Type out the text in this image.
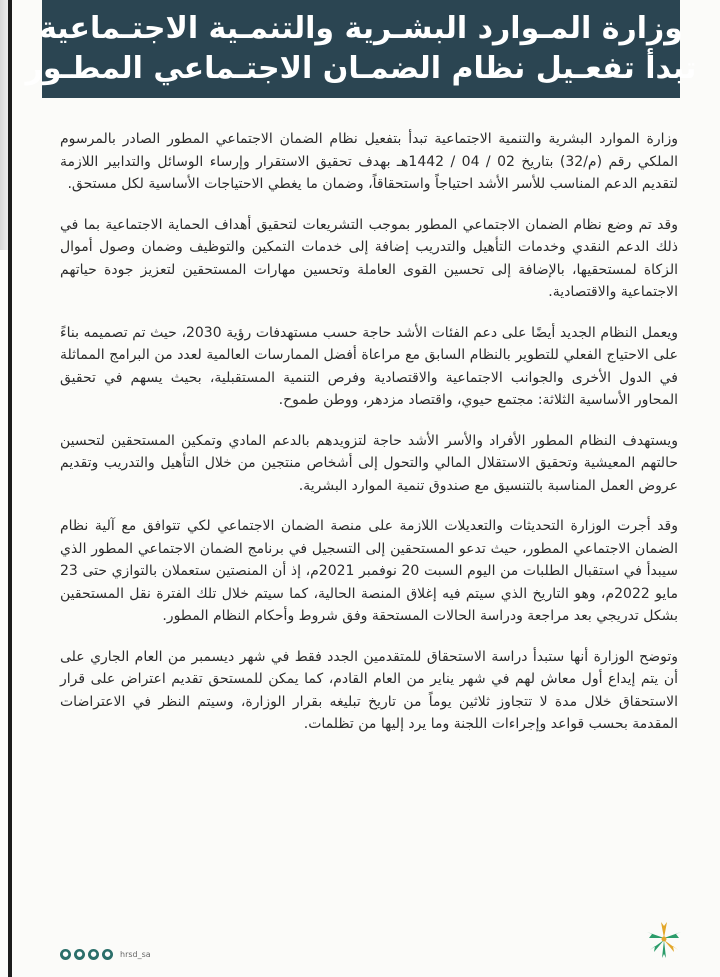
وزارة المـوارد البشـرية والتنمـية الاجتـماعية
تبدأ تفعـيل نظام الضمـان الاجتـماعي المطـور

وزارة الموارد البشرية والتنمية الاجتماعية تبدأ بتفعيل نظام الضمان الاجتماعي المطور الصادر بالمرسوم الملكي رقم (م/32) بتاريخ 02 / 04 / 1442هـ بهدف تحقيق الاستقرار وإرساء الوسائل والتدابير اللازمة لتقديم الدعم المناسب للأسر الأشد احتياجاً واستحقاقاً، وضمان ما يغطي الاحتياجات الأساسية لكل مستحق.

وقد تم وضع نظام الضمان الاجتماعي المطور بموجب التشريعات لتحقيق أهداف الحماية الاجتماعية بما في ذلك الدعم النقدي وخدمات التأهيل والتدريب إضافة إلى خدمات التمكين والتوظيف وضمان وصول أموال الزكاة لمستحقيها، بالإضافة إلى تحسين القوى العاملة وتحسين مهارات المستحقين لتعزيز جودة حياتهم الاجتماعية والاقتصادية.

ويعمل النظام الجديد أيضًا على دعم الفئات الأشد حاجة حسب مستهدفات رؤية 2030، حيث تم تصميمه بناءً على الاحتياج الفعلي للتطوير بالنظام السابق مع مراعاة أفضل الممارسات العالمية لعدد من البرامج المماثلة في الدول الأخرى والجوانب الاجتماعية والاقتصادية وفرص التنمية المستقبلية، بحيث يسهم في تحقيق المحاور الأساسية الثلاثة: مجتمع حيوي، واقتصاد مزدهر، ووطن طموح.

ويستهدف النظام المطور الأفراد والأسر الأشد حاجة لتزويدهم بالدعم المادي وتمكين المستحقين لتحسين حالتهم المعيشية وتحقيق الاستقلال المالي والتحول إلى أشخاص منتجين من خلال التأهيل والتدريب وتقديم عروض العمل المناسبة بالتنسيق مع صندوق تنمية الموارد البشرية.

وقد أجرت الوزارة التحديثات والتعديلات اللازمة على منصة الضمان الاجتماعي لكي تتوافق مع آلية نظام الضمان الاجتماعي المطور، حيث تدعو المستحقين إلى التسجيل في برنامج الضمان الاجتماعي المطور الذي سيبدأ في استقبال الطلبات من اليوم السبت 20 نوفمبر 2021م، إذ أن المنصتين ستعملان بالتوازي حتى 23 مايو 2022م، وهو التاريخ الذي سيتم فيه إغلاق المنصة الحالية، كما سيتم خلال تلك الفترة نقل المستحقين بشكل تدريجي بعد مراجعة ودراسة الحالات المستحقة وفق شروط وأحكام النظام المطور.

وتوضح الوزارة أنها ستبدأ دراسة الاستحقاق للمتقدمين الجدد فقط في شهر ديسمبر من العام الجاري على أن يتم إيداع أول معاش لهم في شهر يناير من العام القادم، كما يمكن للمستحق تقديم اعتراض على قرار الاستحقاق خلال مدة لا تتجاوز ثلاثين يوماً من تاريخ تبليغه بقرار الوزارة، وسيتم النظر في الاعتراضات المقدمة بحسب قواعد وإجراءات اللجنة وما يرد إليها من تظلمات.

●	●	●	●	hrsd_sa
